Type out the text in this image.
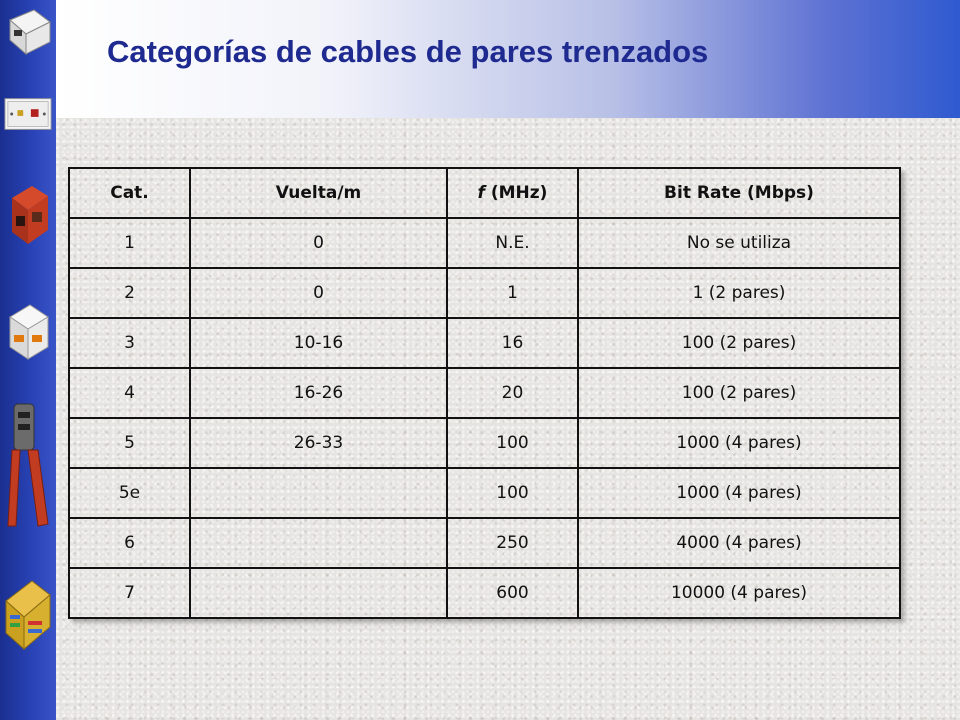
Categorías de cables de pares trenzados
Cat.	Vuelta/m	f (MHz)	Bit Rate (Mbps)
1	0	N.E.	No se utiliza
2	0	1	1 (2 pares)
3	10-16	16	100 (2 pares)
4	16-26	20	100 (2 pares)
5	26-33	100	1000 (4 pares)
5e		100	1000 (4 pares)
6		250	4000 (4 pares)
7		600	10000 (4 pares)
